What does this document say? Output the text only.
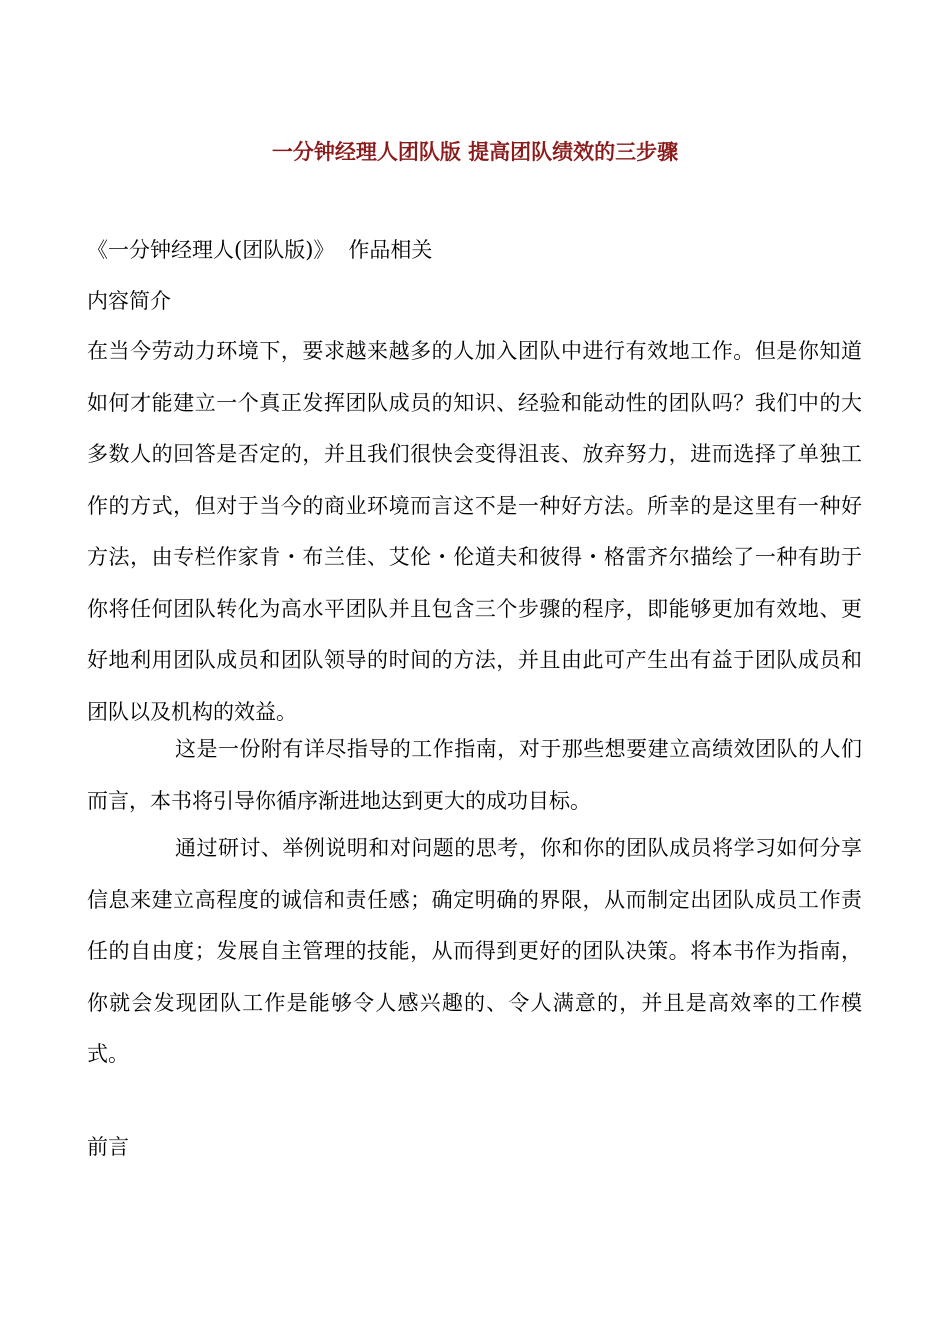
一分钟经理人团队版 提高团队绩效的三步骤
《一分钟经理人(团队版)》 作品相关
内容简介

在当今劳动力环境下，要求越来越多的人加入团队中进行有效地工作。但是你知道如何才能建立一个真正发挥团队成员的知识、经验和能动性的团队吗？我们中的大多数人的回答是否定的，并且我们很快会变得沮丧、放弃努力，进而选择了单独工作的方式，但对于当今的商业环境而言这不是一种好方法。所幸的是这里有一种好方法，由专栏作家肯・布兰佳、艾伦・伦道夫和彼得・格雷齐尔描绘了一种有助于你将任何团队转化为高水平团队并且包含三个步骤的程序，即能够更加有效地、更好地利用团队成员和团队领导的时间的方法，并且由此可产生出有益于团队成员和团队以及机构的效益。

这是一份附有详尽指导的工作指南，对于那些想要建立高绩效团队的人们而言，本书将引导你循序渐进地达到更大的成功目标。

通过研讨、举例说明和对问题的思考，你和你的团队成员将学习如何分享信息来建立高程度的诚信和责任感；确定明确的界限，从而制定出团队成员工作责任的自由度；发展自主管理的技能，从而得到更好的团队决策。将本书作为指南，你就会发现团队工作是能够令人感兴趣的、令人满意的，并且是高效率的工作模式。

前言
